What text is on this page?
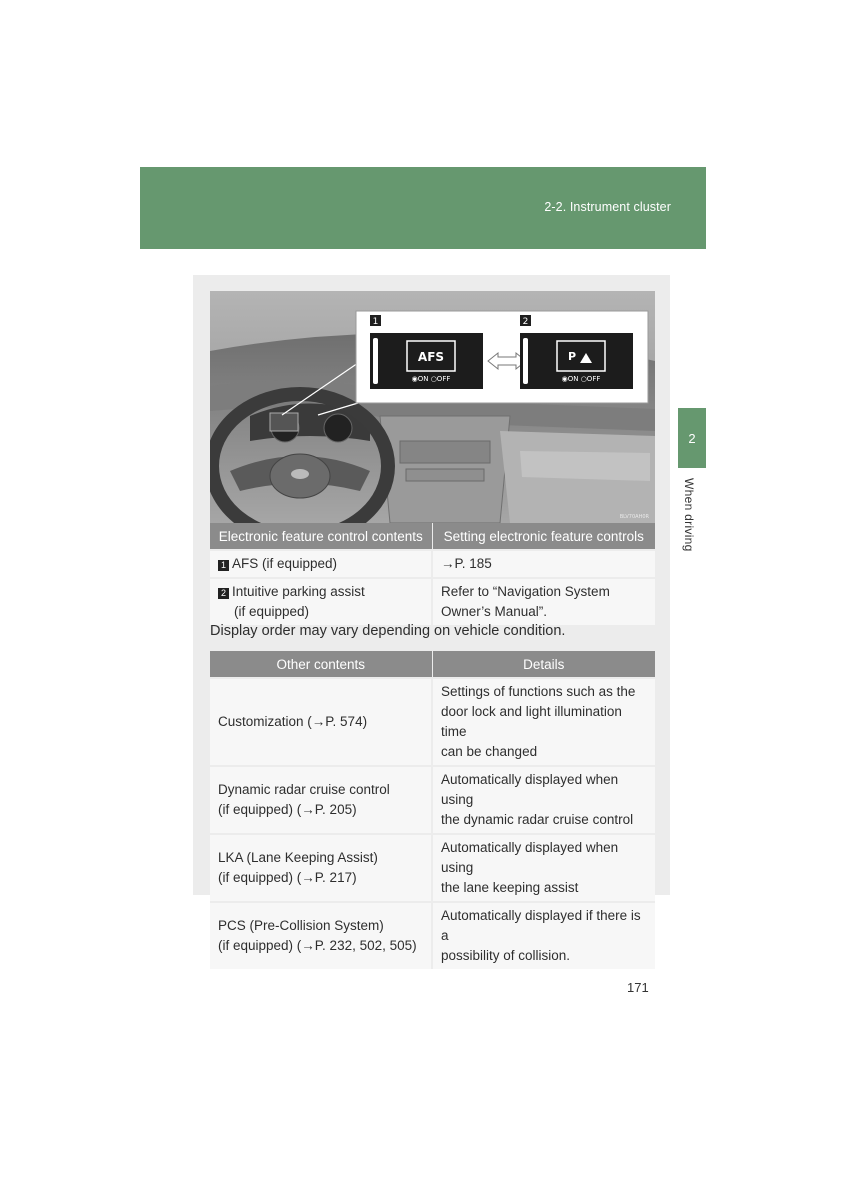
2-2. Instrument cluster
2
When driving
1
AFS
◉ON ○OFF
2
P
◉ON ○OFF
BLV70AH0R
Electronic feature control contents	Setting electronic feature controls
1 AFS (if equipped)	→P. 185
2 Intuitive parking assist
(if equipped)	Refer to “Navigation System
Owner’s Manual”.
Display order may vary depending on vehicle condition.
Other contents	Details
Customization (→P. 574)	Settings of functions such as the
door lock and light illumination time
can be changed
Dynamic radar cruise control
(if equipped) (→P. 205)	Automatically displayed when using
the dynamic radar cruise control
LKA (Lane Keeping Assist)
(if equipped) (→P. 217)	Automatically displayed when using
the lane keeping assist
PCS (Pre-Collision System)
(if equipped) (→P. 232, 502, 505)	Automatically displayed if there is a
possibility of collision.
171
